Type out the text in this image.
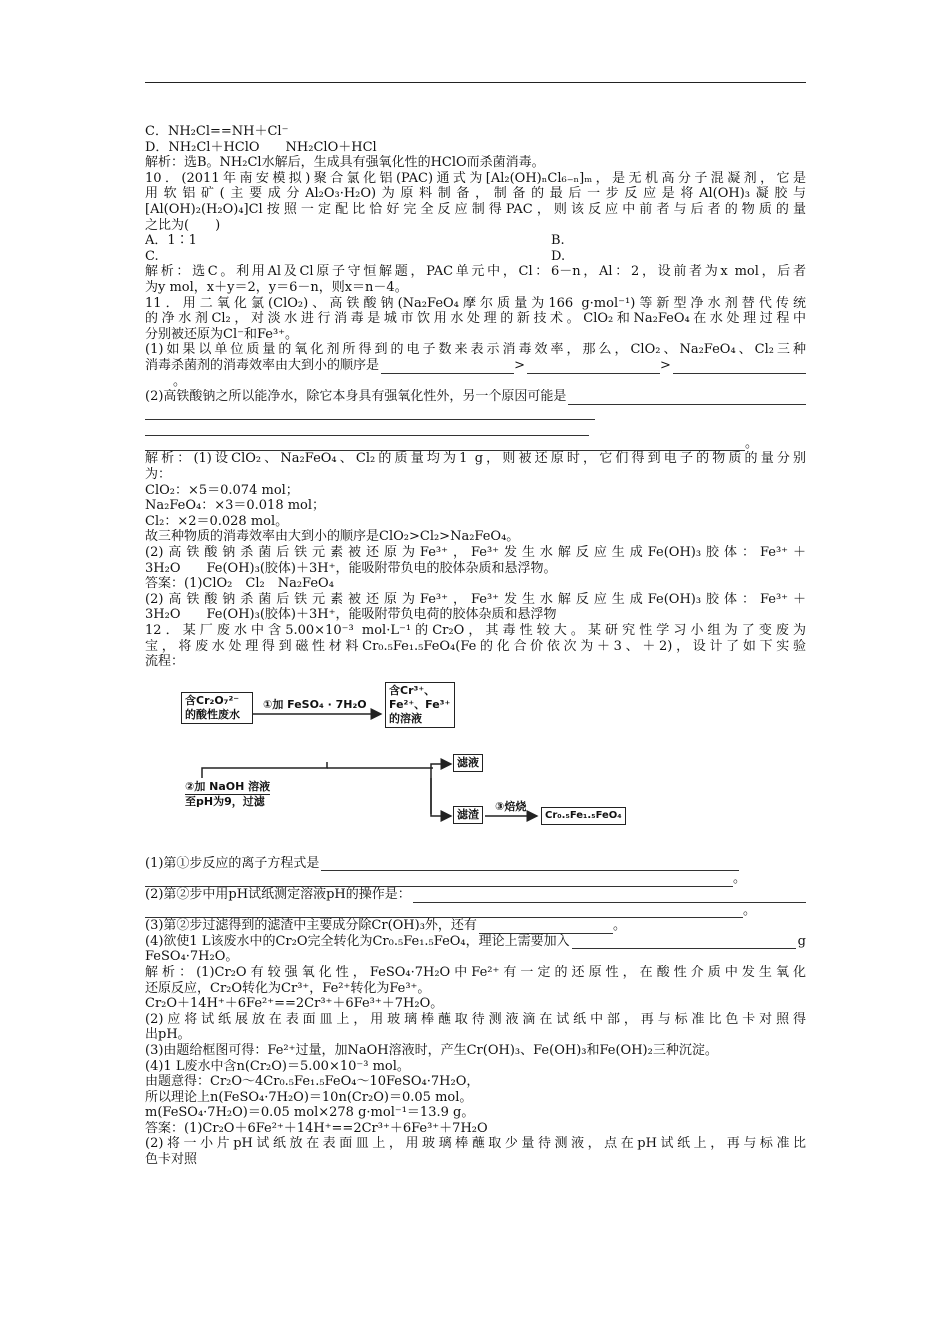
C．NH₂Cl==NH＋Cl⁻
D．NH₂Cl＋HClO　　NH₂ClO＋HCl
解析：选B。NH₂Cl水解后，生成具有强氧化性的HClO而杀菌消毒。
10．(2011年南安模拟)聚合氯化铝(PAC)通式为[Al₂(OH)ₙCl₆₋ₙ]ₘ，是无机高分子混凝剂，它是
用软铝矿(主要成分Al₂O₃·H₂O)为原料制备，制备的最后一步反应是将Al(OH)₃凝胶与
[Al(OH)₂(H₂O)₄]Cl按照一定配比恰好完全反应制得PAC，则该反应中前者与后者的物质的量
之比为(　　)
A．1∶1	B.
C.	D.
解析：选C。利用Al及Cl原子守恒解题，PAC单元中，Cl：6－n，Al：2，设前者为x mol，后者
为y mol，x＋y＝2，y＝6－n，则x＝n－4。
11．用二氧化氯(ClO₂)、高铁酸钠(Na₂FeO₄摩尔质量为166 g·mol⁻¹)等新型净水剂替代传统
的净水剂Cl₂，对淡水进行消毒是城市饮用水处理的新技术。ClO₂和Na₂FeO₄在水处理过程中
分别被还原为Cl⁻和Fe³⁺。
(1)如果以单位质量的氧化剂所得到的电子数来表示消毒效率，那么，ClO₂、Na₂FeO₄、Cl₂三种
消毒杀菌剂的消毒效率由大到小的顺序是	>	>
。
(2)高铁酸钠之所以能净水，除它本身具有强氧化性外，另一个原因可能是
。
解析：(1)设ClO₂、Na₂FeO₄、Cl₂的质量均为1 g，则被还原时，它们得到电子的物质的量分别
为：
ClO₂：×5＝0.074 mol；
Na₂FeO₄：×3＝0.018 mol；
Cl₂：×2＝0.028 mol。
故三种物质的消毒效率由大到小的顺序是ClO₂>Cl₂>Na₂FeO₄。
(2)高铁酸钠杀菌后铁元素被还原为Fe³⁺，Fe³⁺发生水解反应生成Fe(OH)₃胶体：Fe³⁺＋
3H₂O　　Fe(OH)₃(胶体)＋3H⁺，能吸附带负电的胶体杂质和悬浮物。
答案：(1)ClO₂　Cl₂　Na₂FeO₄
(2)高铁酸钠杀菌后铁元素被还原为Fe³⁺，Fe³⁺发生水解反应生成Fe(OH)₃胶体：Fe³⁺＋
3H₂O　　Fe(OH)₃(胶体)＋3H⁺，能吸附带负电荷的胶体杂质和悬浮物
12．某厂废水中含5.00×10⁻³ mol·L⁻¹的Cr₂O，其毒性较大。某研究性学习小组为了变废为
宝，将废水处理得到磁性材料Cr₀.₅Fe₁.₅FeO₄(Fe的化合价依次为＋3、＋2)，设计了如下实验
流程：
含Cr₂O₇²⁻
的酸性废水
①加 FeSO₄ · 7H₂O
含Cr³⁺、
Fe²⁺、Fe³⁺
的溶液
滤液
②加 NaOH 溶液
至pH为9，过滤
滤渣
③焙烧
Cr₀.₅Fe₁.₅FeO₄
(1)第①步反应的离子方程式是
。
(2)第②步中用pH试纸测定溶液pH的操作是：
。
(3)第②步过滤得到的滤渣中主要成分除Cr(OH)₃外，还有	。
(4)欲使1 L该废水中的Cr₂O完全转化为Cr₀.₅Fe₁.₅FeO₄，理论上需要加入	g
FeSO₄·7H₂O。
解析：(1)Cr₂O有较强氧化性，FeSO₄·7H₂O中Fe²⁺有一定的还原性，在酸性介质中发生氧化
还原反应，Cr₂O转化为Cr³⁺，Fe²⁺转化为Fe³⁺。
Cr₂O＋14H⁺＋6Fe²⁺==2Cr³⁺＋6Fe³⁺＋7H₂O。
(2)应将试纸展放在表面皿上，用玻璃棒蘸取待测液滴在试纸中部，再与标准比色卡对照得
出pH。
(3)由题给框图可得：Fe²⁺过量，加NaOH溶液时，产生Cr(OH)₃、Fe(OH)₃和Fe(OH)₂三种沉淀。
(4)1 L废水中含n(Cr₂O)＝5.00×10⁻³ mol。
由题意得：Cr₂O～4Cr₀.₅Fe₁.₅FeO₄～10FeSO₄·7H₂O，
所以理论上n(FeSO₄·7H₂O)＝10n(Cr₂O)＝0.05 mol。
m(FeSO₄·7H₂O)＝0.05 mol×278 g·mol⁻¹＝13.9 g。
答案：(1)Cr₂O＋6Fe²⁺＋14H⁺==2Cr³⁺＋6Fe³⁺＋7H₂O
(2)将一小片pH试纸放在表面皿上，用玻璃棒蘸取少量待测液，点在pH试纸上，再与标准比
色卡对照
